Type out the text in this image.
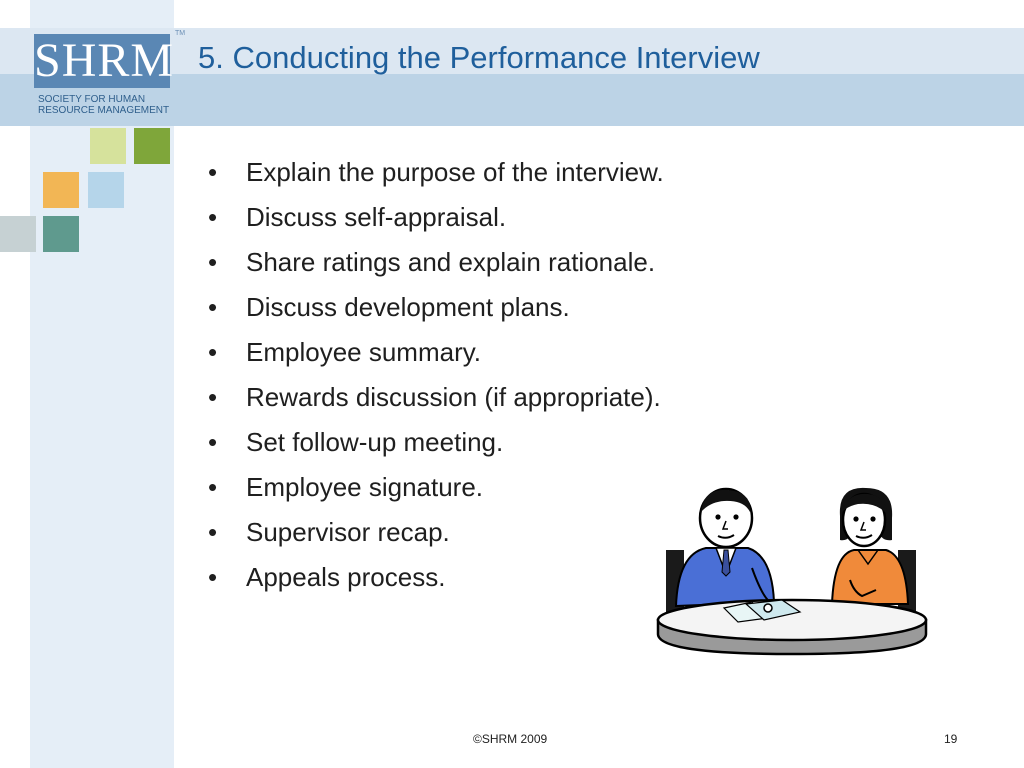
SHRM
TM
SOCIETY FOR HUMAN
RESOURCE MANAGEMENT
5. Conducting the Performance Interview
• Explain the purpose of the interview.
• Discuss self-appraisal.
• Share ratings and explain rationale.
• Discuss development plans.
• Employee summary.
• Rewards discussion (if appropriate).
• Set follow-up meeting.
• Employee signature.
• Supervisor recap.
• Appeals process.
©SHRM 2009	19
